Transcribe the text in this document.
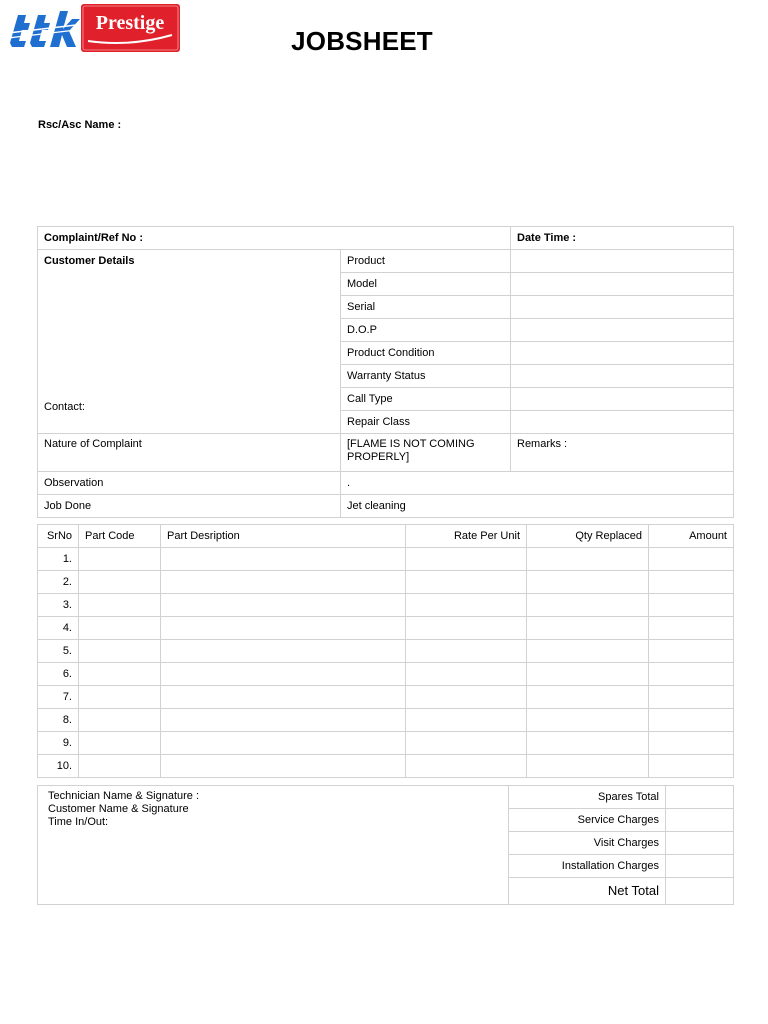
Prestige
JOBSHEET
Rsc/Asc Name :
Complaint/Ref No :		Date Time :
Customer Details
Contact:	Product	
	Model	
	Serial	
	D.O.P	
	Product Condition	
	Warranty Status	
	Call Type	
	Repair Class	
Nature of Complaint	[FLAME IS NOT COMING PROPERLY]	Remarks :
Observation	.	
Job Done	Jet cleaning	
SrNo	Part Code	Part Desription	Rate Per Unit	Qty Replaced	Amount
1.					
2.					
3.					
4.					
5.					
6.					
7.					
8.					
9.					
10.					
Technician Name & Signature :
Customer Name & Signature
Time In/Out:	Spares Total	
	Service Charges	
	Visit Charges	
	Installation Charges	
	Net Total	
